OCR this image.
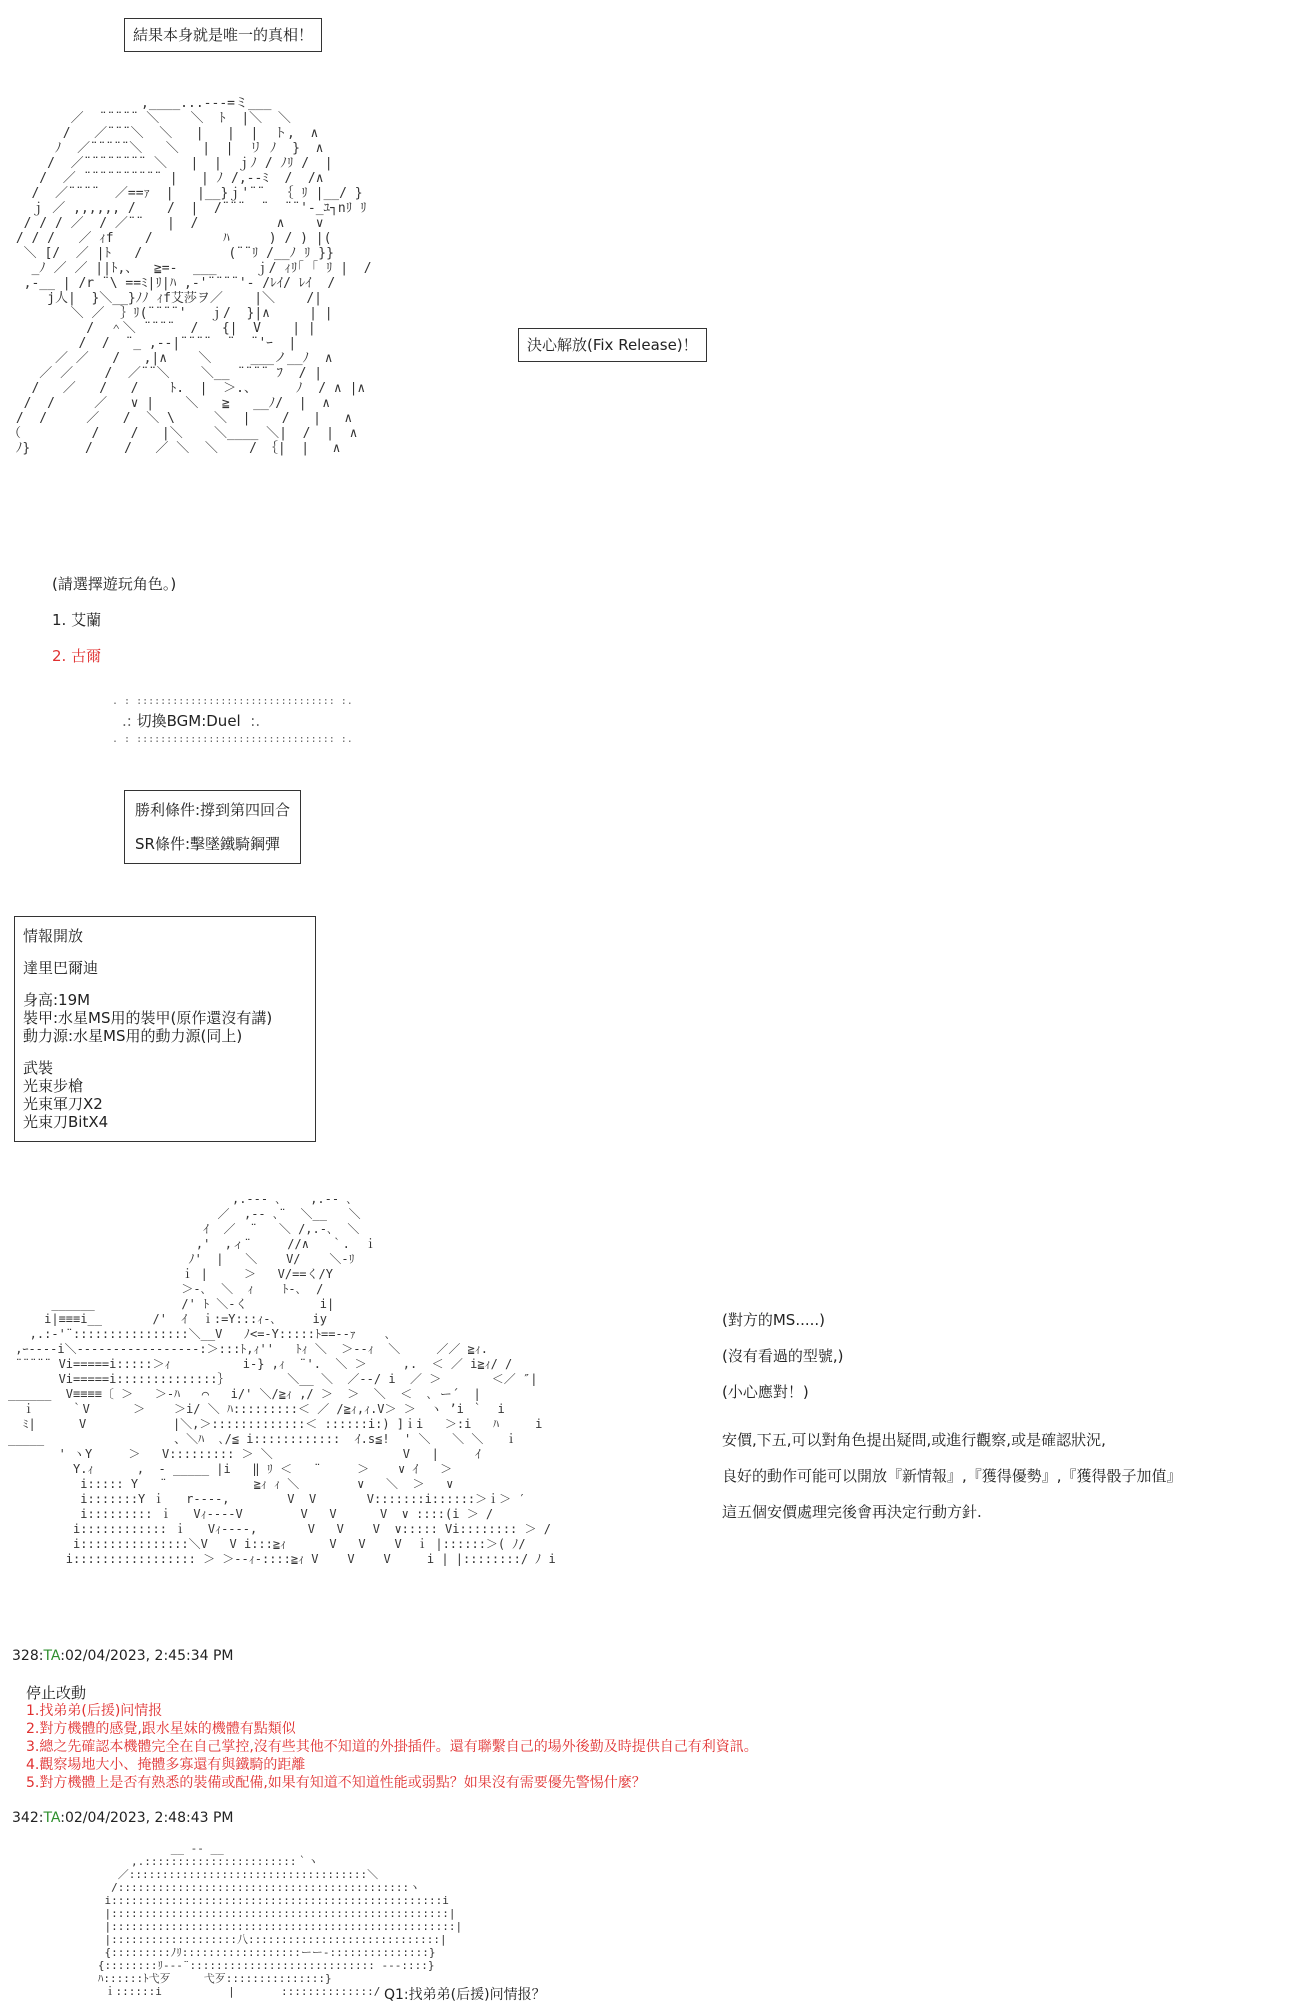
結果本身就是唯一的真相！
,____...---=ミ___
／  ¨¨¨¨¨ ＼    ＼  ﾄ  |＼  ＼
/   ／¨¨¨＼  ＼   |   |  |  ト,  ∧
ﾉ  ／¨¨¨¨¨＼   ＼   |  |  リ ﾉ  }  ∧
/  ／¨¨¨¨¨¨¨¨ ＼   |  |  ｊﾉ / ﾉﾘ /  |
/  ／ ¨¨¨¨¨¨¨¨¨¨ |   | ﾉ /,--ﾐ  /  /∧
/  ／¨¨¨¨  ／==ｧ  |   |__}ｊ'¨¨  ｛ ﾘ |__/ }
ｊ ／ ,,,,,, /    /  |  /¨¨¨  ¨  ¨¨'-_ﾕ┐nﾘ ﾘ
/ / / ／  / ／¨¨   |  /          ∧    ∨
/ / /   ／ ｨf    /         ﾊ     ) / ) |(
＼ [/  ／ |ﾄ   /           (¨¨ﾘ /__ﾉ ﾘ }}
_ﾉ ／ ／ ||ﾄ,、  ≧=-  ___     ｊ/ ｨﾘ｢ ｢ ﾘ |  /
,-__ | /r ¨\ ==ﾐ|ﾘ|ﾊ ,-'¨¨¨¨'- /ﾚｲ/ ﾚｲ  /
j人|  }＼__}ﾉﾉ ｨf艾莎ヲ／    |＼    /|
＼ ／  ｝ﾘ(¨¨¨¨'   ｊ/  }|∧     | |
/  ＾＼ ¨¨¨¨  /   {|  V    | |
/  /  ¨_ ,--|¨¨¨¨  ¨  ¨'ｰ  |
／ ／   /   ,|∧    ＼     ___ノ__ﾉ  ∧
／ ／    /  ／¨¨＼    ＼__ ¨¨¨¨ ﾌ  / |
/   ／   /   /    ﾄ.  |  ＞.、     ﾉ  / ∧ |∧
/  /     ／   ∨ |    ＼   ≧   __ﾉ/  |  ∧
/  /     ／   /  ＼ \     ＼  |    /   |   ∧
（         /    /   |＼    ＼____ ＼|  /  |  ∧
ﾉ}       /    /   ／ ＼  ＼    / ｛|  |   ∧
決心解放(Fix Release)！
(請選擇遊玩角色。)
1. 艾蘭
2. 古爾
. : ::::::::::::::::::::::::::::::::: :.
.: 切換BGM:Duel  :.
. : ::::::::::::::::::::::::::::::::: :.
勝利條件:撐到第四回合
SR條件:擊墜鐵騎鋼彈
情報開放
達里巴爾迪
身高:19M
裝甲:水星MS用的裝甲(原作還沒有講)
動力源:水星MS用的動力源(同上)
武裝
光束步槍
光束軍刀X2
光束刀BitX4
,.--‐ ､    ,.-‐ ､
／  ,-- ､¨  ＼__   ＼
ｲ  ／  ¨   ＼ /,.-､  ＼
,'  ,ィ¨     //∧   ｀.  ｉ
ﾉ'  |   ＼    V/    ＼-ﾘ
ｉ |     ＞   V/==く/Y
＞-､  ＼  ｨ    ﾄ-､  /
______            /' ﾄ ＼-く          i|
i|≡≡≡i__       /'  ｲ  ｉ:=Y:::ｨ-､     iy
,.:‐'¨::::::::::::::::＼__V   ﾉ<=-Y:::::ﾄ==--ｧ    ､
,ｰ‐‐‐‐i＼‐‐‐‐‐‐‐‐‐‐‐‐‐‐‐‐‐:＞:::ﾄ,ｨ''   ﾄｨ ＼  ＞-‐ｨ  ＼     ／／ ≧ｨ.
¨¨¨¨¨ Vi=====i:::::＞ｨ          i-} ,ｨ  ¨'.  ＼ ＞     ,.  ＜ ／ i≧ｨ/ /
Vi=====i::::::::::::::｝        ＼__ ＼  ／‐-/ i  ／ ＞       ＜／ ″|
______  V≡≡≡≡〔 ＞   ＞-ﾊ   ⌒   i/' ＼/≧ｨ ,/ ＞  ＞  ＼  ＜  ､ ー´  |
ｉ     ｀V      ＞    ＞i/ ＼ ﾊ:::::::::＜ ／ /≧ｨ,ｨ.V＞ ＞  ヽ ’i ｀  i
ﾐ|      V            |＼,＞:::::::::::::＜ ::::::i:) ]ｉi   ＞:i   ﾊ     i
_____                  、＼ﾊ  ､/≦ i::::::::::::  ｲ.s≦!  ' ＼   ＼ ＼   ｉ
' ヽY     ＞   V::::::::: ＞ ＼                  V   |     ｲ
Y.ｨ      ,  ‐ _____ |i   ‖ ﾘ ＜   ¨     ＞    ∨ ｲ   ＞
i::::: Y   ¨            ≧ｨ ｨ ＼        ∨   ＼  ＞   ∨
i:::::::Y ｉ   r‐‐‐‐,        V  V       V:::::::i::::::＞ｉ＞ ′
i::::::::: ｉ   Vｨ---‐V        V   V      V  ∨ ::::(i ＞ /
i:::::::::::: ｉ   Vｨ-‐‐‐,       V   V    V  ∨::::: Vi:::::::: ＞ /
i:::::::::::::::＼V   V i:::≧ｨ      V   V    V  ｉ |::::::＞( ﾉ/
i::::::::::::::::: ＞ ＞-‐ｨ-::::≧ｨ V    V    V     i | |::::::::/ ﾉ i
(對方的MS.....)
(沒有看過的型號,)
(小心應對！)
安價,下五,可以對角色提出疑問,或進行觀察,或是確認狀況,
良好的動作可能可以開放『新情報』,『獲得優勢』,『獲得骰子加值』
這五個安價處理完後會再決定行動方針.
328:TA:02/04/2023, 2:45:34 PM
停止改動
1.找弟弟(后援)问情报
2.對方機體的感覺,跟水星妹的機體有點類似
3.總之先確認本機體完全在自己掌控,沒有些其他不知道的外掛插件。還有聯繫自己的場外後勤及時提供自己有利資訊。
4.觀察場地大小、掩體多寡還有與鐵騎的距離
5.對方機體上是否有熟悉的裝備或配備,如果有知道不知道性能或弱點？如果沒有需要優先警惕什麼？
342:TA:02/04/2023, 2:48:43 PM
__ ‐‐ __
,.:::::::::::::::::::::::｀ヽ
／::::::::::::::::::::::::::::::::::::＼
/::::::::::::::::::::::::::::::::::::::::::::ヽ
i::::::::::::::::::::::::::::::::::::::::::::::::::i
|:::::::::::::::::::::::::::::::::::::::::::::::::::|
|::::::::::::::::::::::::::::::::::::::::::::::::::::|
|:::::::::::::::::::八:::::::::::::::::::::::::::::|
{:::::::::ﾉﾘ::::::::::::::::::ーー‐:::::::::::::::}
{::::::::ﾘ-‐‐¨:::::::::::::::::::::::::::: ‐‐-::::}
ﾊ::::::ﾄ弋歹     弋歹:::::::::::::::}
ｉ::::::i          |       ::::::::::::::/ Q1:找弟弟(后援)问情报？
